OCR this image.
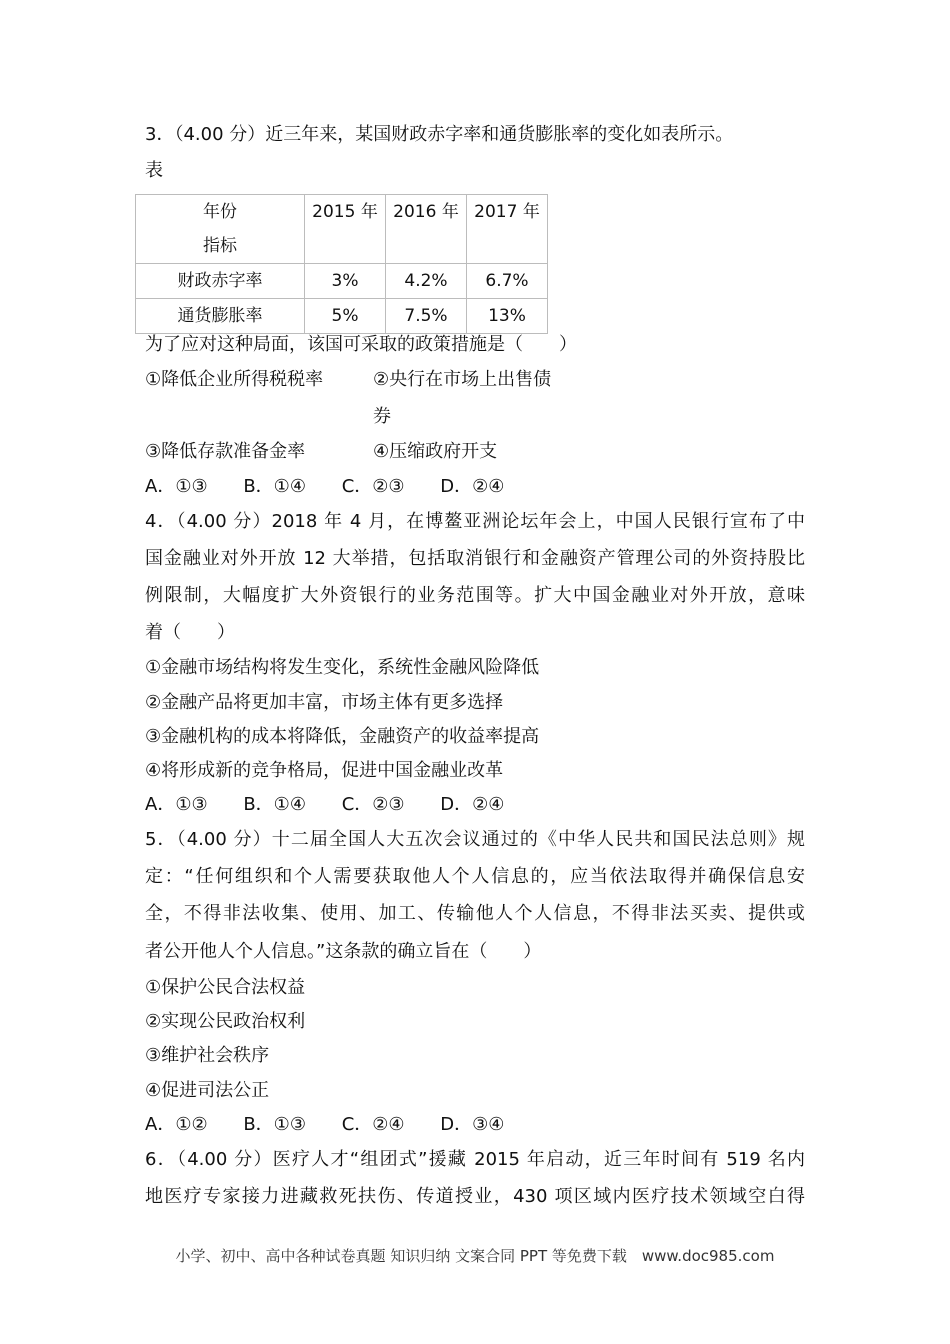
3．（4.00 分）近三年来，某国财政赤字率和通货膨胀率的变化如表所示。
表
年份
指标	2015 年	2016 年	2017 年
财政赤字率	3%	4.2%	6.7%
通货膨胀率	5%	7.5%	13%
为了应对这种局面，该国可采取的政策措施是（　　）
①降低企业所得税税率	②央行在市场上出售债
券
③降低存款准备金率	④压缩政府开支
A．①③ B．①④ C．②③ D．②④
4．（4.00 分）2018 年 4 月，在博鳌亚洲论坛年会上，中国人民银行宣布了中
国金融业对外开放 12 大举措，包括取消银行和金融资产管理公司的外资持股比
例限制，大幅度扩大外资银行的业务范围等。扩大中国金融业对外开放，意味
着（　　）
①金融市场结构将发生变化，系统性金融风险降低
②金融产品将更加丰富，市场主体有更多选择
③金融机构的成本将降低，金融资产的收益率提高
④将形成新的竞争格局，促进中国金融业改革
A．①③ B．①④ C．②③ D．②④
5．（4.00 分）十二届全国人大五次会议通过的《中华人民共和国民法总则》规
定：“任何组织和个人需要获取他人个人信息的，应当依法取得并确保信息安
全，不得非法收集、使用、加工、传输他人个人信息，不得非法买卖、提供或
者公开他人个人信息。”这条款的确立旨在（　　）
①保护公民合法权益
②实现公民政治权利
③维护社会秩序
④促进司法公正
A．①② B．①③ C．②④ D．③④
6．（4.00 分）医疗人才“组团式”援藏 2015 年启动，近三年时间有 519 名内
地医疗专家接力进藏救死扶伤、传道授业，430 项区域内医疗技术领域空白得
小学、初中、高中各种试卷真题 知识归纳 文案合同 PPT 等免费下载　www.doc985.com
